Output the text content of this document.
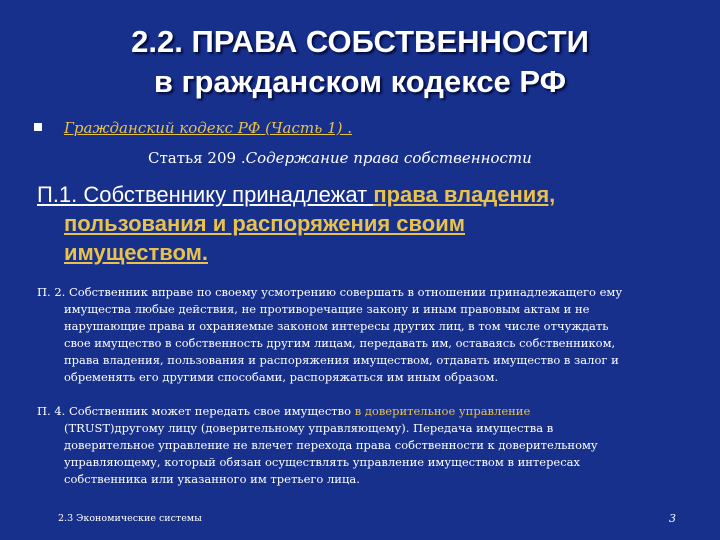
2.2. ПРАВА СОБСТВЕННОСТИ
в гражданском кодексе РФ
Гражданский кодекс РФ (Часть 1) .
Статья 209 .Содержание права собственности
П.1. Собственнику принадлежат права владения,
пользования и распоряжения своим
имуществом.
П. 2. Собственник вправе по своему усмотрению совершать в отношении принадлежащего ему
имущества любые действия, не противоречащие закону и иным правовым актам и не
нарушающие права и охраняемые законом интересы других лиц, в том числе отчуждать
свое имущество в собственность другим лицам, передавать им, оставаясь собственником,
права владения, пользования и распоряжения имуществом, отдавать имущество в залог и
обременять его другими способами, распоряжаться им иным образом.
П. 4. Собственник может передать свое имущество в доверительное управление
(TRUST)другому лицу (доверительному управляющему). Передача имущества в
доверительное управление не влечет перехода права собственности к доверительному
управляющему, который обязан осуществлять управление имуществом в интересах
собственника или указанного им третьего лица.
2.3 Экономические системы	3
